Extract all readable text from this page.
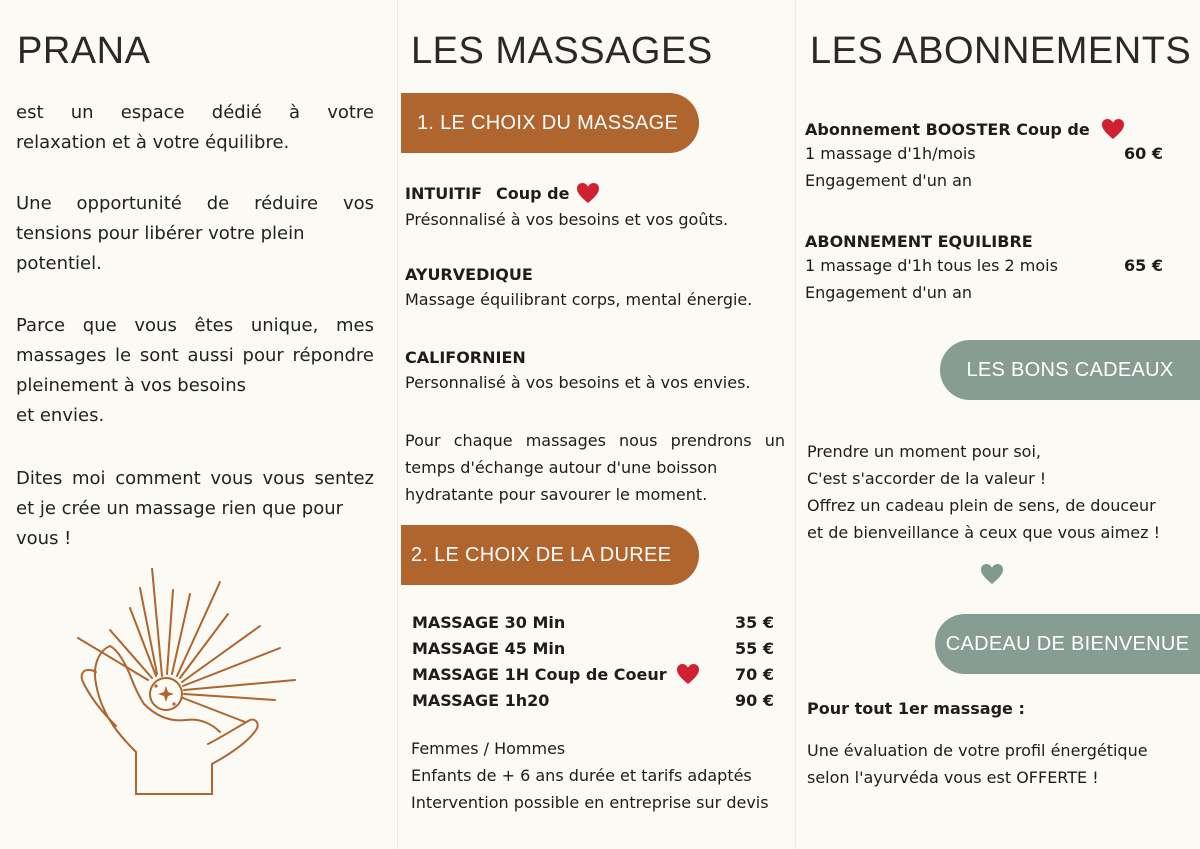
PRANA
est un espace dédié à votre
relaxation et à votre équilibre.
Une opportunité de réduire vos tensions pour libérer votre plein
potentiel.
Parce que vous êtes unique, mes massages le sont aussi pour répondre pleinement à vos besoins
et envies.
Dites moi comment vous vous sentez et je crée un massage rien que pour
vous !
LES MASSAGES
1. LE CHOIX DU MASSAGE
INTUITIF Coup de
Présonnalisé à vos besoins et vos goûts.
AYURVEDIQUE
Massage équilibrant corps, mental énergie.
CALIFORNIEN
Personnalisé à vos besoins et à vos envies.
Pour chaque massages nous prendrons un temps d'échange autour d'une boisson
hydratante pour savourer le moment.
2. LE CHOIX DE LA DUREE
MASSAGE 30 Min	35 €
MASSAGE 45 Min	55 €
MASSAGE 1H Coup de Coeur	70 €
MASSAGE 1h20	90 €
Femmes / Hommes
Enfants de + 6 ans durée et tarifs adaptés
Intervention possible en entreprise sur devis
LES ABONNEMENTS
Abonnement BOOSTER Coup de
1 massage d'1h/mois	60 €
Engagement d'un an
ABONNEMENT EQUILIBRE
1 massage d'1h tous les 2 mois	65 €
Engagement d'un an
LES BONS CADEAUX
Prendre un moment pour soi,
C'est s'accorder de la valeur !
Offrez un cadeau plein de sens, de douceur
et de bienveillance à ceux que vous aimez !
CADEAU DE BIENVENUE
Pour tout 1er massage :
Une évaluation de votre profil énergétique
selon l'ayurvéda vous est OFFERTE !
